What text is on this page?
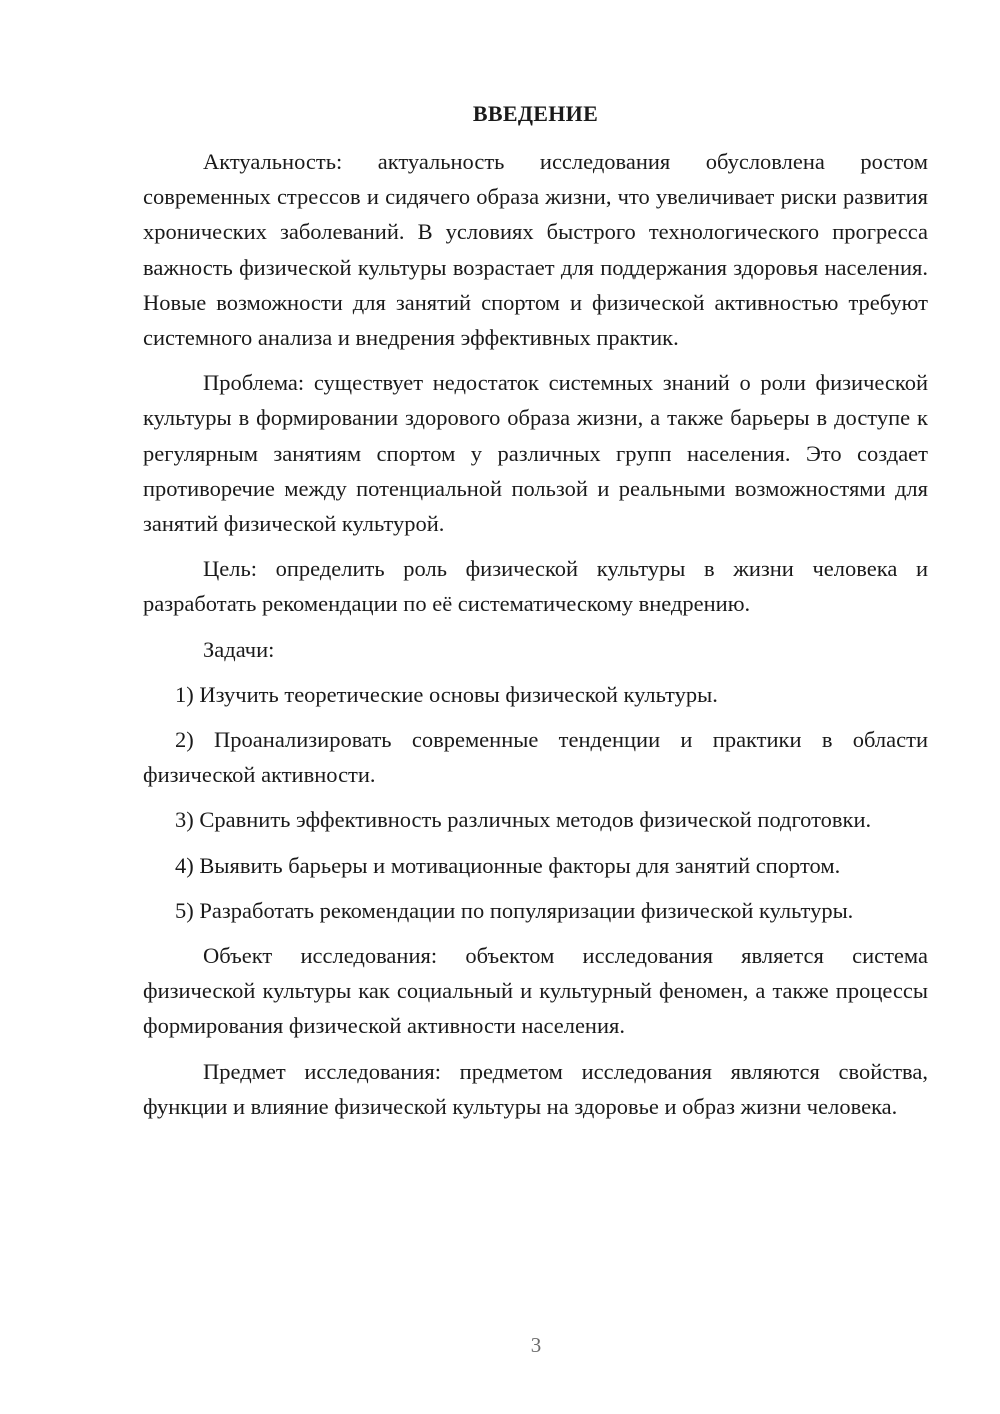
ВВЕДЕНИЕ

Актуальность: актуальность исследования обусловлена ростом современных стрессов и сидячего образа жизни, что увеличивает риски развития хронических заболеваний. В условиях быстрого технологического прогресса важность физической культуры возрастает для поддержания здоровья населения. Новые возможности для занятий спортом и физической активностью требуют системного анализа и внедрения эффективных практик.

Проблема: существует недостаток системных знаний о роли физической культуры в формировании здорового образа жизни, а также барьеры в доступе к регулярным занятиям спортом у различных групп населения. Это создает противоречие между потенциальной пользой и реальными возможностями для занятий физической культурой.

Цель: определить роль физической культуры в жизни человека и разработать рекомендации по её систематическому внедрению.

Задачи:

1) Изучить теоретические основы физической культуры.

2) Проанализировать современные тенденции и практики в области физической активности.

3) Сравнить эффективность различных методов физической подготовки.

4) Выявить барьеры и мотивационные факторы для занятий спортом.

5) Разработать рекомендации по популяризации физической культуры.

Объект исследования: объектом исследования является система физической культуры как социальный и культурный феномен, а также процессы формирования физической активности населения.

Предмет исследования: предметом исследования являются свойства, функции и влияние физической культуры на здоровье и образ жизни человека.

3
